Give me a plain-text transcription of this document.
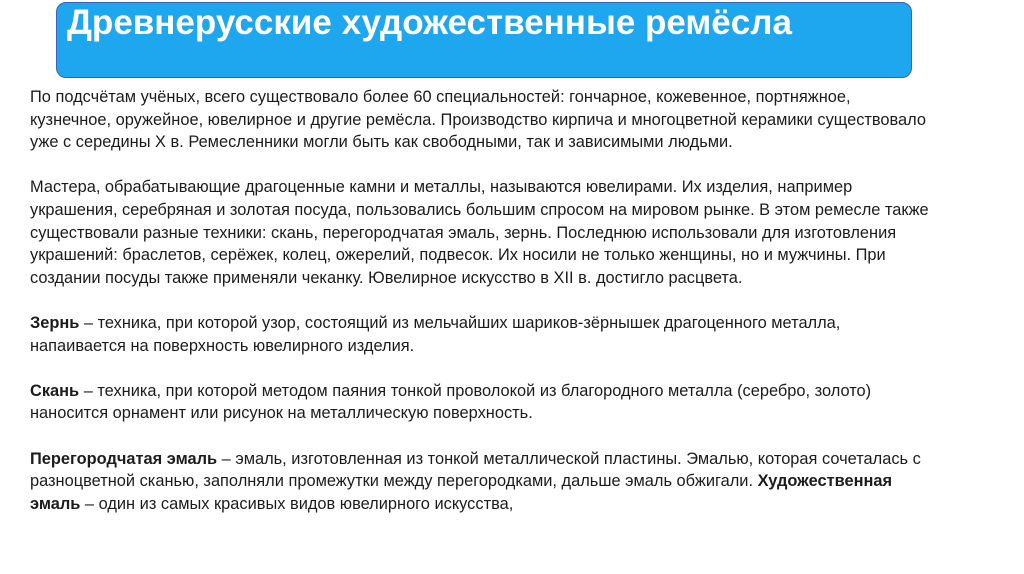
Древнерусские художественные ремёсла

По подсчётам учёных, всего существовало более 60 специальностей: гончарное, кожевенное, портняжное, кузнечное, оружейное, ювелирное и другие ремёсла. Производство кирпича и многоцветной керамики существовало уже с середины X в. Ремесленники могли быть как свободными, так и зависимыми людьми.

Мастера, обрабатывающие драгоценные камни и металлы, называются ювелирами. Их изделия, например украшения, серебряная и золотая посуда, пользовались большим спросом на мировом рынке. В этом ремесле также существовали разные техники: скань, перегородчатая эмаль, зернь. Последнюю использовали для изготовления украшений: браслетов, серёжек, колец, ожерелий, подвесок. Их носили не только женщины, но и мужчины. При создании посуды также применяли чеканку. Ювелирное искусство в XII в. достигло расцвета.

Зернь – техника, при которой узор, состоящий из мельчайших шариков-зёрнышек драгоценного металла, напаивается на поверхность ювелирного изделия.

Скань – техника, при которой методом паяния тонкой проволокой из благородного металла (серебро, золото) наносится орнамент или рисунок на металлическую поверхность.

Перегородчатая эмаль – эмаль, изготовленная из тонкой металлической пластины. Эмалью, которая сочеталась с разноцветной сканью, заполняли промежутки между перегородками, дальше эмаль обжигали. Художественная эмаль – один из самых красивых видов ювелирного искусства,
